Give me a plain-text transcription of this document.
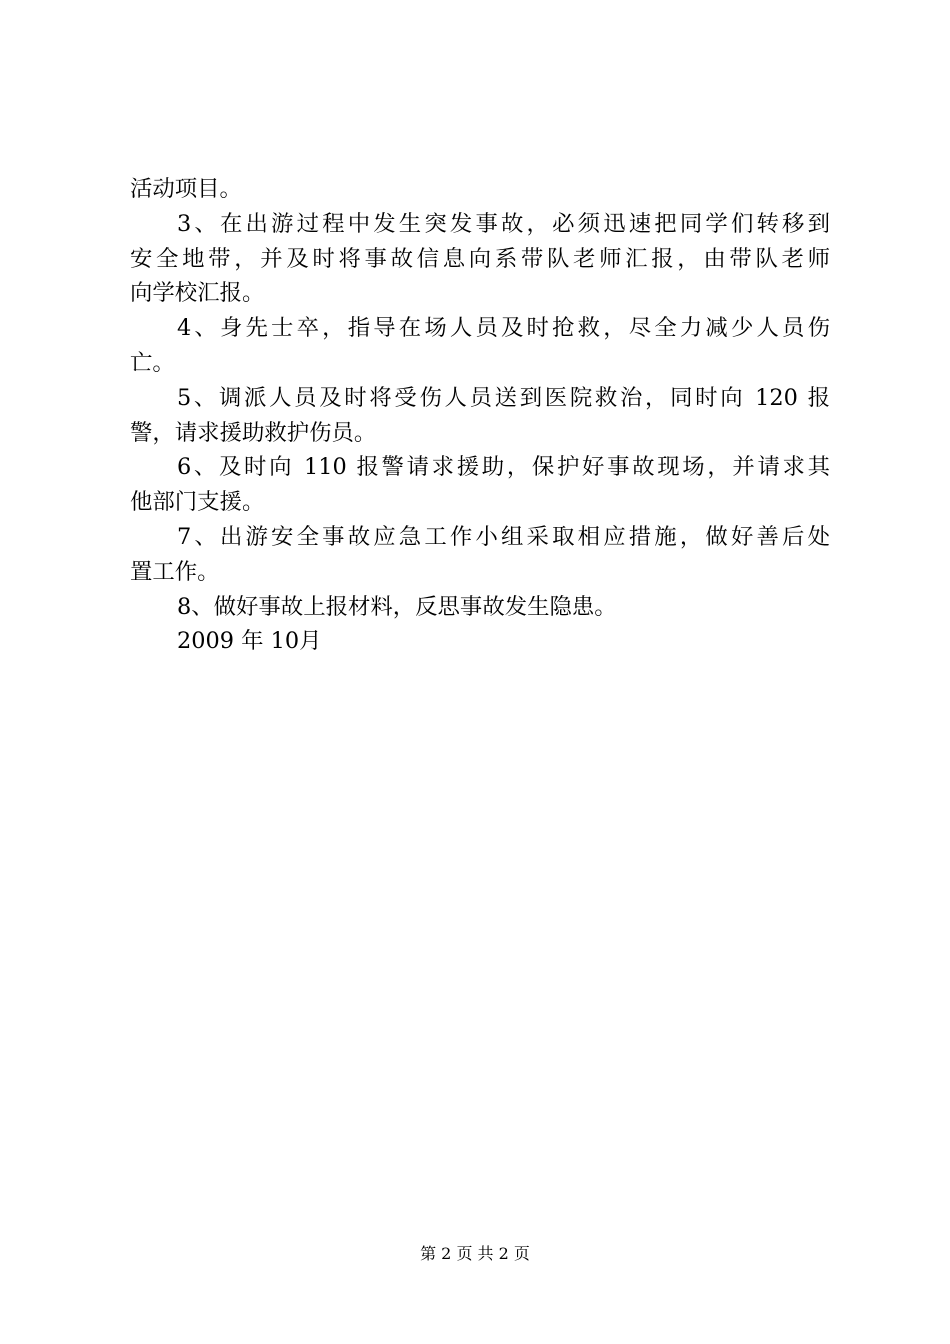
活动项目。
3、在出游过程中发生突发事故，必须迅速把同学们转移到
安全地带，并及时将事故信息向系带队老师汇报，由带队老师
向学校汇报。
4、身先士卒，指导在场人员及时抢救，尽全力减少人员伤
亡。
5、调派人员及时将受伤人员送到医院救治，同时向 120 报
警，请求援助救护伤员。
6、及时向 110 报警请求援助，保护好事故现场，并请求其
他部门支援。
7、出游安全事故应急工作小组采取相应措施，做好善后处
置工作。
8、做好事故上报材料，反思事故发生隐患。
2009 年 10月
第 2 页 共 2 页
